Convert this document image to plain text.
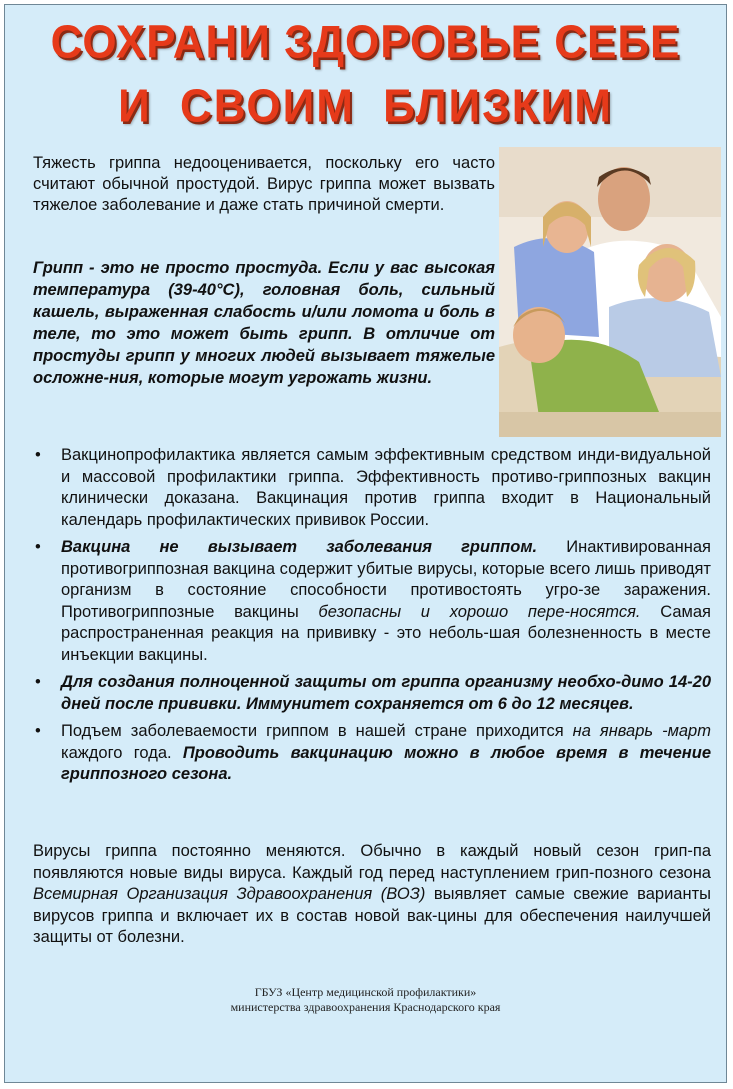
СОХРАНИ ЗДОРОВЬЕ СЕБЕ
И СВОИМ БЛИЗКИМ

Тяжесть гриппа недооценивается, поскольку его часто считают обычной простудой. Вирус гриппа может вызвать тяжелое заболевание и даже стать причиной смерти.

Грипп - это не просто простуда. Если у вас высокая температура (39-40°С), головная боль, сильный кашель, выраженная слабость и/или ломота и боль в теле, то это может быть грипп. В отличие от простуды грипп у многих людей вызывает тяжелые осложне-ния, которые могут угрожать жизни.

• Вакцинопрофилактика является самым эффективным средством инди-видуальной и массовой профилактики гриппа. Эффективность противо-гриппозных вакцин клинически доказана. Вакцинация против гриппа входит в Национальный календарь профилактических прививок России.
• Вакцина не вызывает заболевания гриппом. Инактивированная противогриппозная вакцина содержит убитые вирусы, которые всего лишь приводят организм в состояние способности противостоять угро-зе заражения. Противогриппозные вакцины безопасны и хорошо пере-носятся. Самая распространенная реакция на прививку - это неболь-шая болезненность в месте инъекции вакцины.
• Для создания полноценной защиты от гриппа организму необхо-димо 14-20 дней после прививки. Иммунитет сохраняется от 6 до 12 месяцев.
• Подъем заболеваемости гриппом в нашей стране приходится на январь -март каждого года. Проводить вакцинацию можно в любое время в течение гриппозного сезона.

Вирусы гриппа постоянно меняются. Обычно в каждый новый сезон грип-па появляются новые виды вируса. Каждый год перед наступлением грип-позного сезона Всемирная Организация Здравоохранения (ВОЗ) выявляет самые свежие варианты вирусов гриппа и включает их в состав новой вак-цины для обеспечения наилучшей защиты от болезни.

ГБУЗ «Центр медицинской профилактики»
министерства здравоохранения Краснодарского края
